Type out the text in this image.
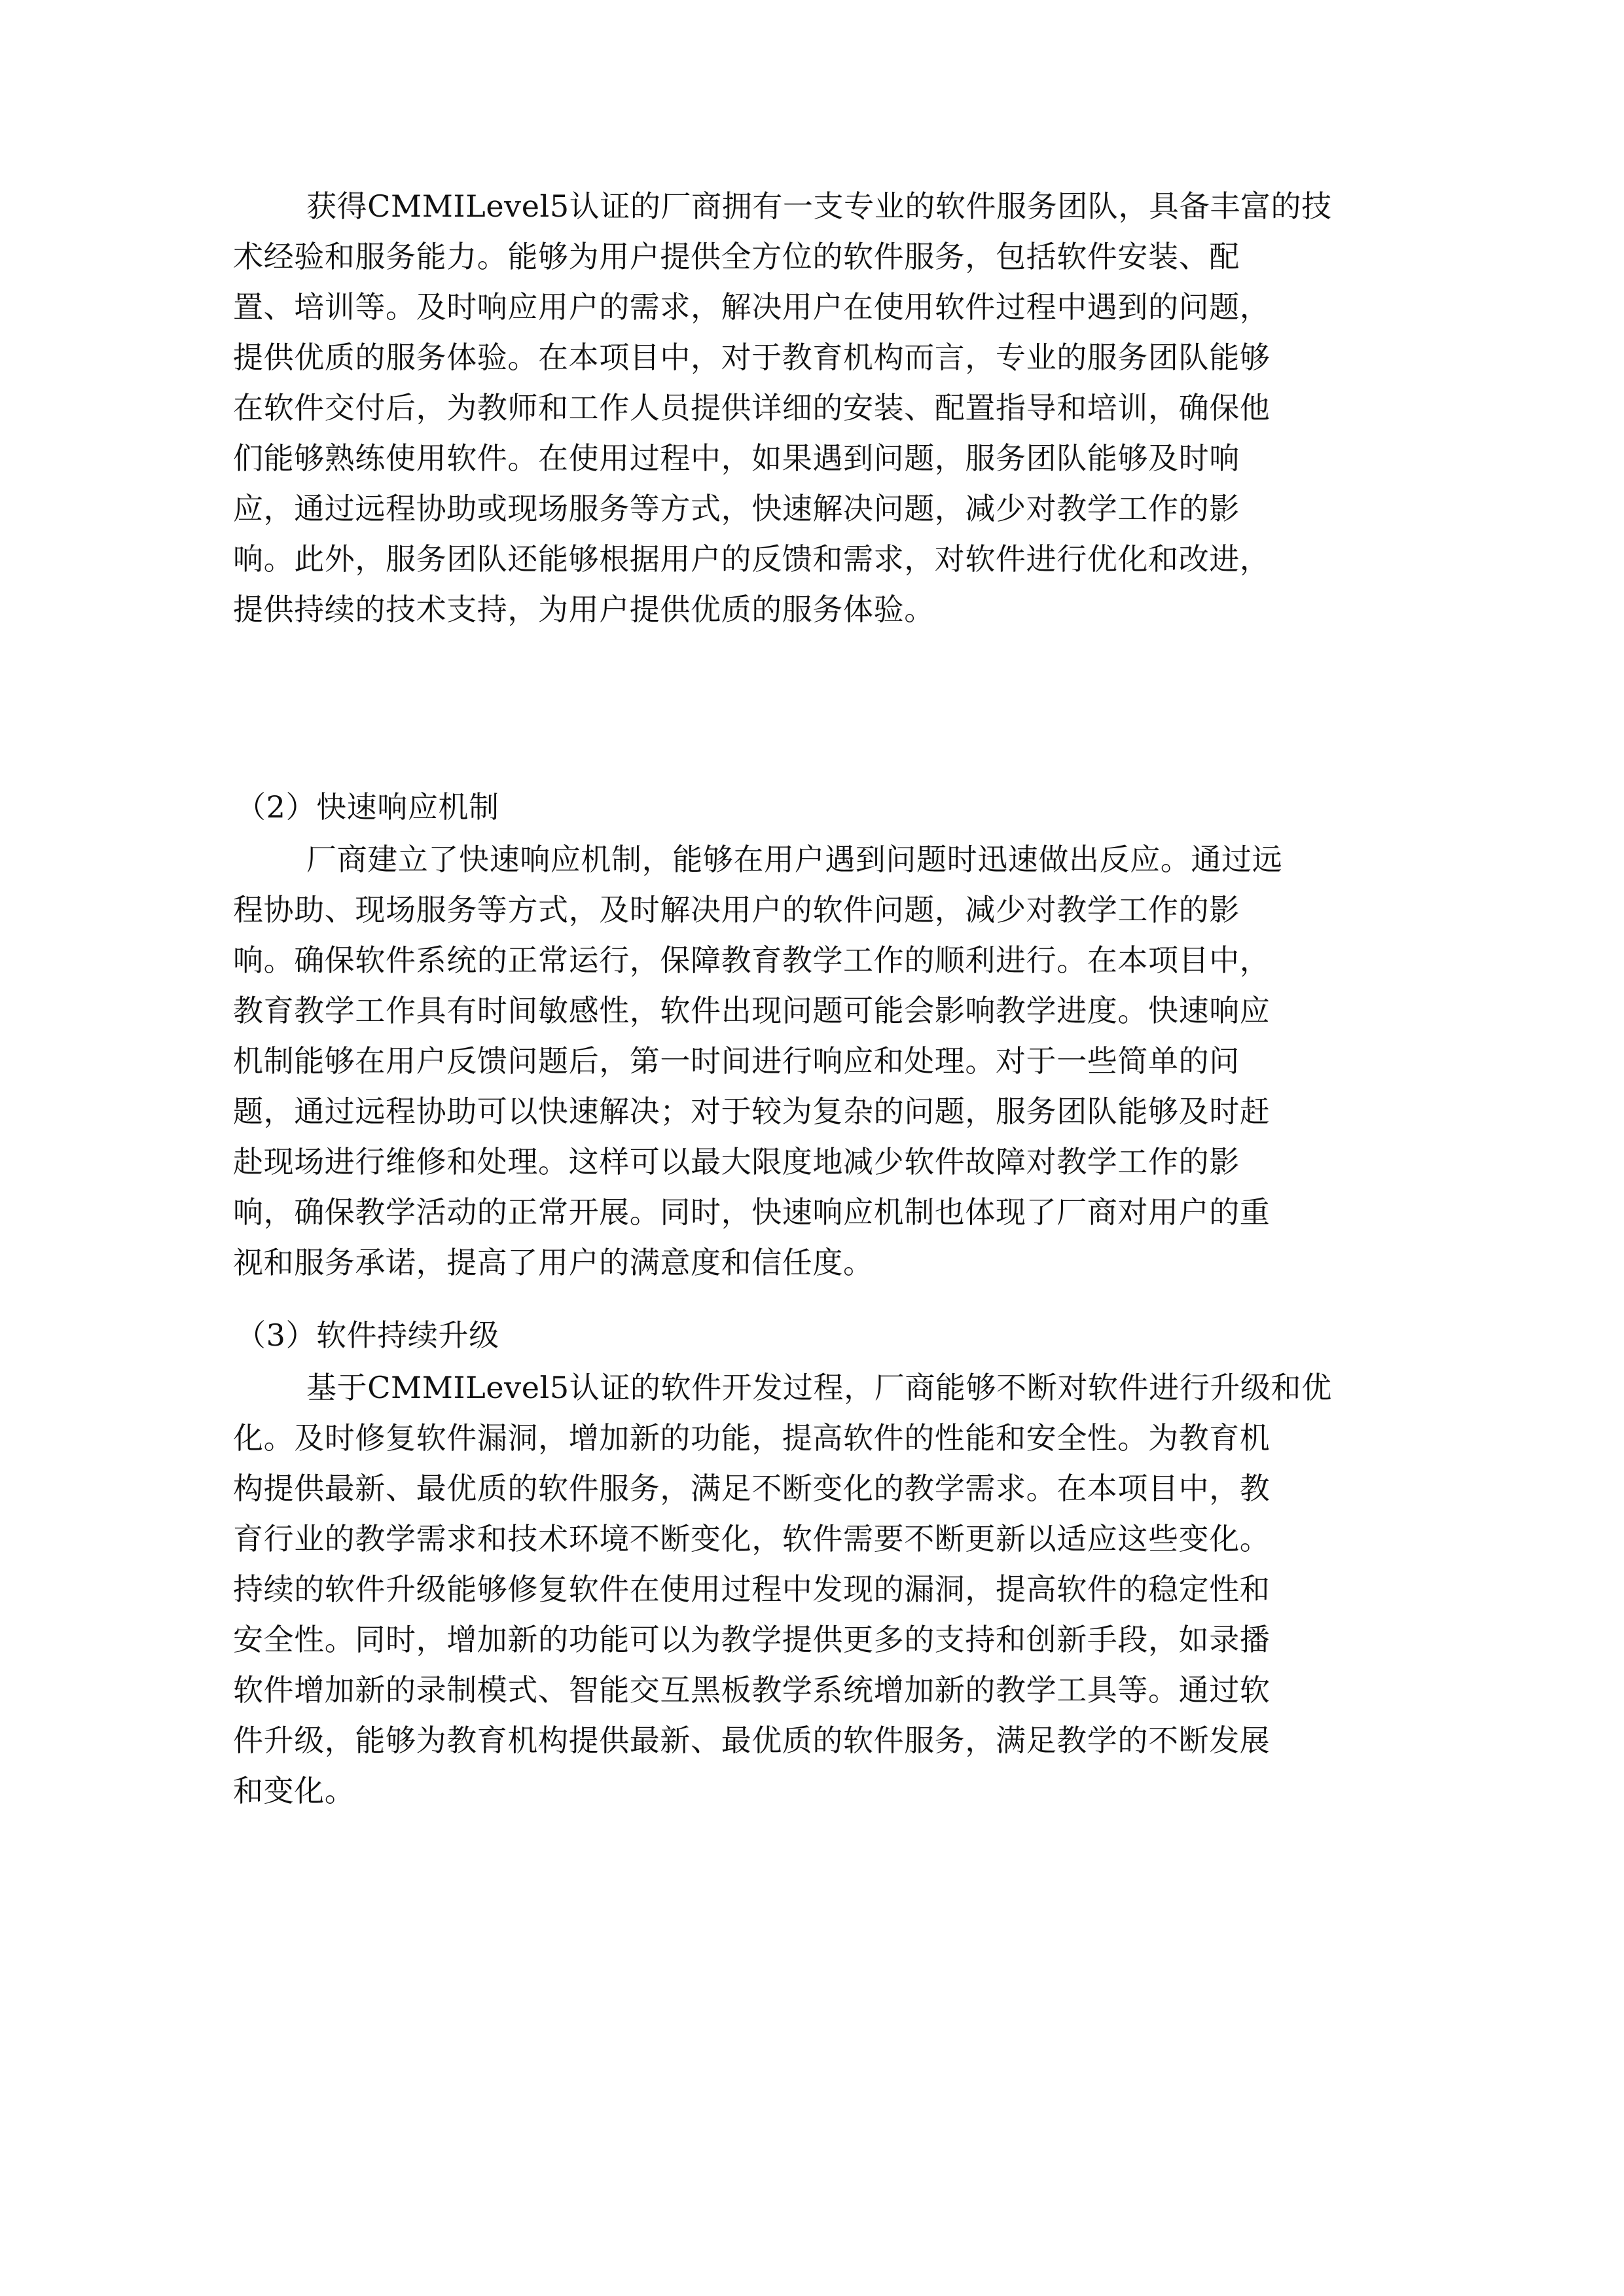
获得CMMILevel5认证的厂商拥有一支专业的软件服务团队，具备丰富的技
术经验和服务能力。能够为用户提供全方位的软件服务，包括软件安装、配
置、培训等。及时响应用户的需求，解决用户在使用软件过程中遇到的问题，
提供优质的服务体验。在本项目中，对于教育机构而言，专业的服务团队能够
在软件交付后，为教师和工作人员提供详细的安装、配置指导和培训，确保他
们能够熟练使用软件。在使用过程中，如果遇到问题，服务团队能够及时响
应，通过远程协助或现场服务等方式，快速解决问题，减少对教学工作的影
响。此外，服务团队还能够根据用户的反馈和需求，对软件进行优化和改进，
提供持续的技术支持，为用户提供优质的服务体验。
（2）快速响应机制
厂商建立了快速响应机制，能够在用户遇到问题时迅速做出反应。通过远
程协助、现场服务等方式，及时解决用户的软件问题，减少对教学工作的影
响。确保软件系统的正常运行，保障教育教学工作的顺利进行。在本项目中，
教育教学工作具有时间敏感性，软件出现问题可能会影响教学进度。快速响应
机制能够在用户反馈问题后，第一时间进行响应和处理。对于一些简单的问
题，通过远程协助可以快速解决；对于较为复杂的问题，服务团队能够及时赶
赴现场进行维修和处理。这样可以最大限度地减少软件故障对教学工作的影
响，确保教学活动的正常开展。同时，快速响应机制也体现了厂商对用户的重
视和服务承诺，提高了用户的满意度和信任度。
（3）软件持续升级
基于CMMILevel5认证的软件开发过程，厂商能够不断对软件进行升级和优
化。及时修复软件漏洞，增加新的功能，提高软件的性能和安全性。为教育机
构提供最新、最优质的软件服务，满足不断变化的教学需求。在本项目中，教
育行业的教学需求和技术环境不断变化，软件需要不断更新以适应这些变化。
持续的软件升级能够修复软件在使用过程中发现的漏洞，提高软件的稳定性和
安全性。同时，增加新的功能可以为教学提供更多的支持和创新手段，如录播
软件增加新的录制模式、智能交互黑板教学系统增加新的教学工具等。通过软
件升级，能够为教育机构提供最新、最优质的软件服务，满足教学的不断发展
和变化。
